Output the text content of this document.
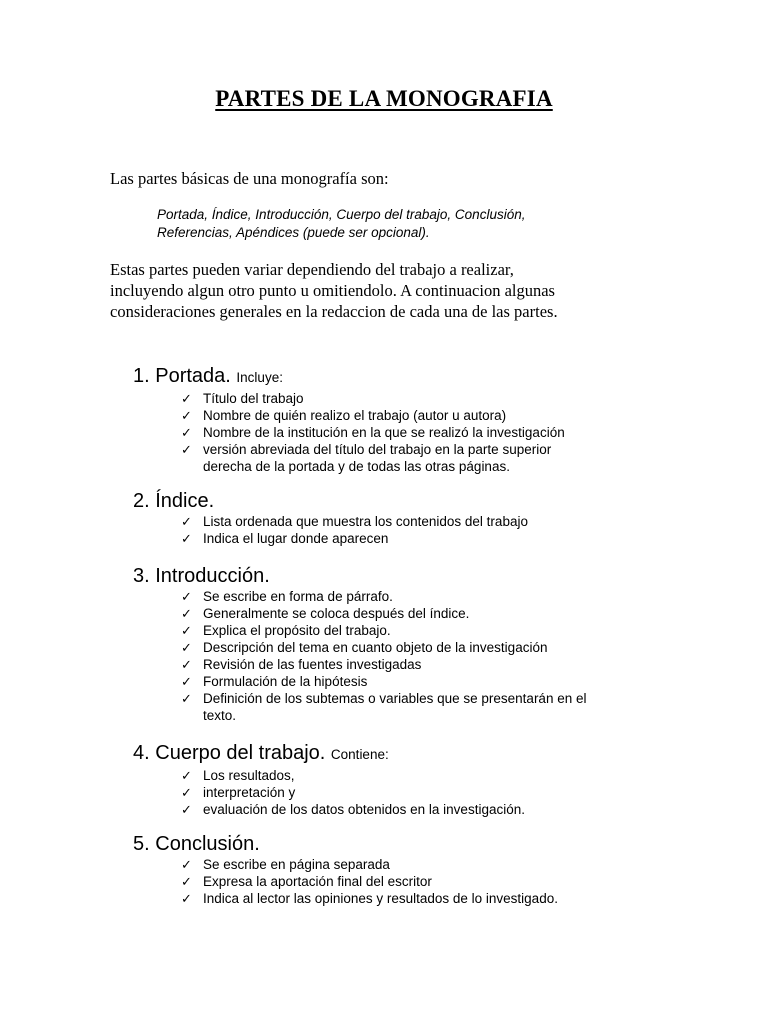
PARTES DE LA MONOGRAFIA
Las partes básicas de una monografía son:
Portada, Índice, Introducción, Cuerpo del trabajo, Conclusión,
Referencias, Apéndices (puede ser opcional).
Estas partes pueden variar dependiendo del trabajo a realizar,
incluyendo algun otro punto u omitiendolo. A continuacion algunas
consideraciones generales en la redaccion de cada una de las partes.
1. Portada. Incluye:
✓ Título del trabajo
✓ Nombre de quién realizo el trabajo (autor u autora)
✓ Nombre de la institución en la que se realizó la investigación
✓ versión abreviada del título del trabajo en la parte superior
derecha de la portada y de todas las otras páginas.
2. Índice.
✓ Lista ordenada que muestra los contenidos del trabajo
✓ Indica el lugar donde aparecen
3. Introducción.
✓ Se escribe en forma de párrafo.
✓ Generalmente se coloca después del índice.
✓ Explica el propósito del trabajo.
✓ Descripción del tema en cuanto objeto de la investigación
✓ Revisión de las fuentes investigadas
✓ Formulación de la hipótesis
✓ Definición de los subtemas o variables que se presentarán en el
texto.
4. Cuerpo del trabajo. Contiene:
✓ Los resultados,
✓ interpretación y
✓ evaluación de los datos obtenidos en la investigación.
5. Conclusión.
✓ Se escribe en página separada
✓ Expresa la aportación final del escritor
✓ Indica al lector las opiniones y resultados de lo investigado.
